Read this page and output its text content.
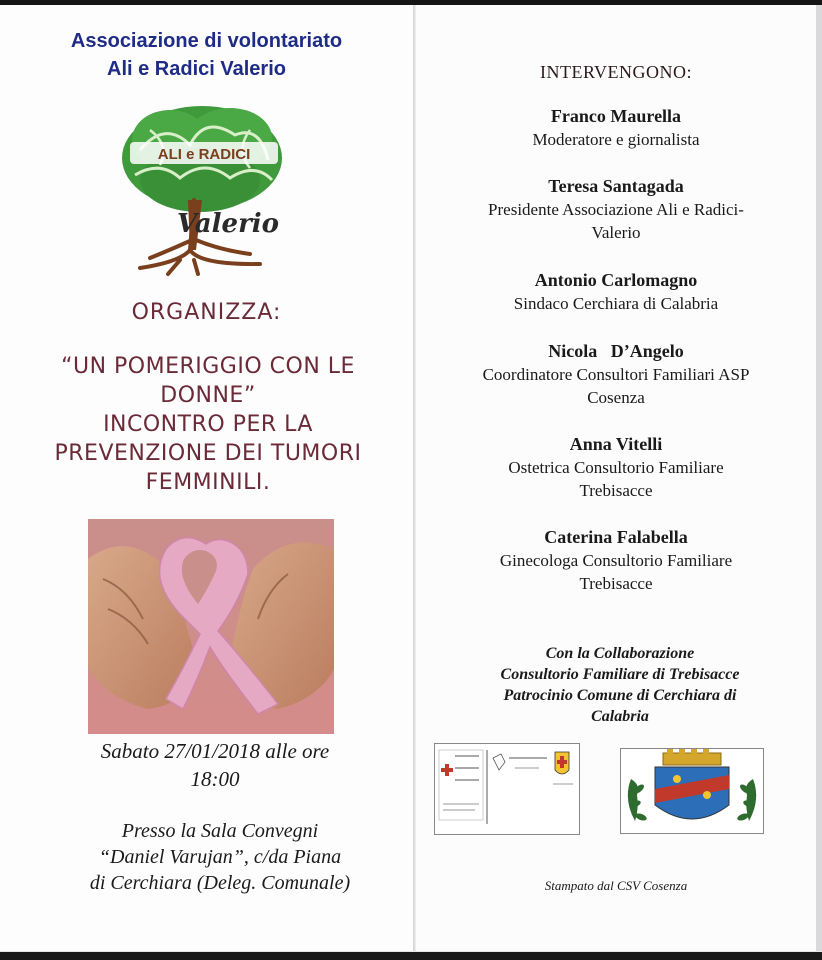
Associazione di volontariato
Ali e Radici Valerio
ALI e RADICI
Valerio
ORGANIZZA:
“UN POMERIGGIO CON LE
DONNE”
INCONTRO PER LA
PREVENZIONE DEI TUMORI
FEMMINILI.
Sabato 27/01/2018 alle ore
18:00
Presso la Sala Convegni
“Daniel Varujan”, c/da Piana
di Cerchiara (Deleg. Comunale)
INTERVENGONO:
Franco Maurella
Moderatore e giornalista
Teresa Santagada
Presidente Associazione Ali e Radici-
Valerio
Antonio Carlomagno
Sindaco Cerchiara di Calabria
Nicola   D’Angelo
Coordinatore Consultori Familiari ASP
Cosenza
Anna Vitelli
Ostetrica Consultorio Familiare
Trebisacce
Caterina Falabella
Ginecologa Consultorio Familiare
Trebisacce
Con la Collaborazione
Consultorio Familiare di Trebisacce
Patrocinio Comune di Cerchiara di
Calabria
Stampato dal CSV Cosenza
